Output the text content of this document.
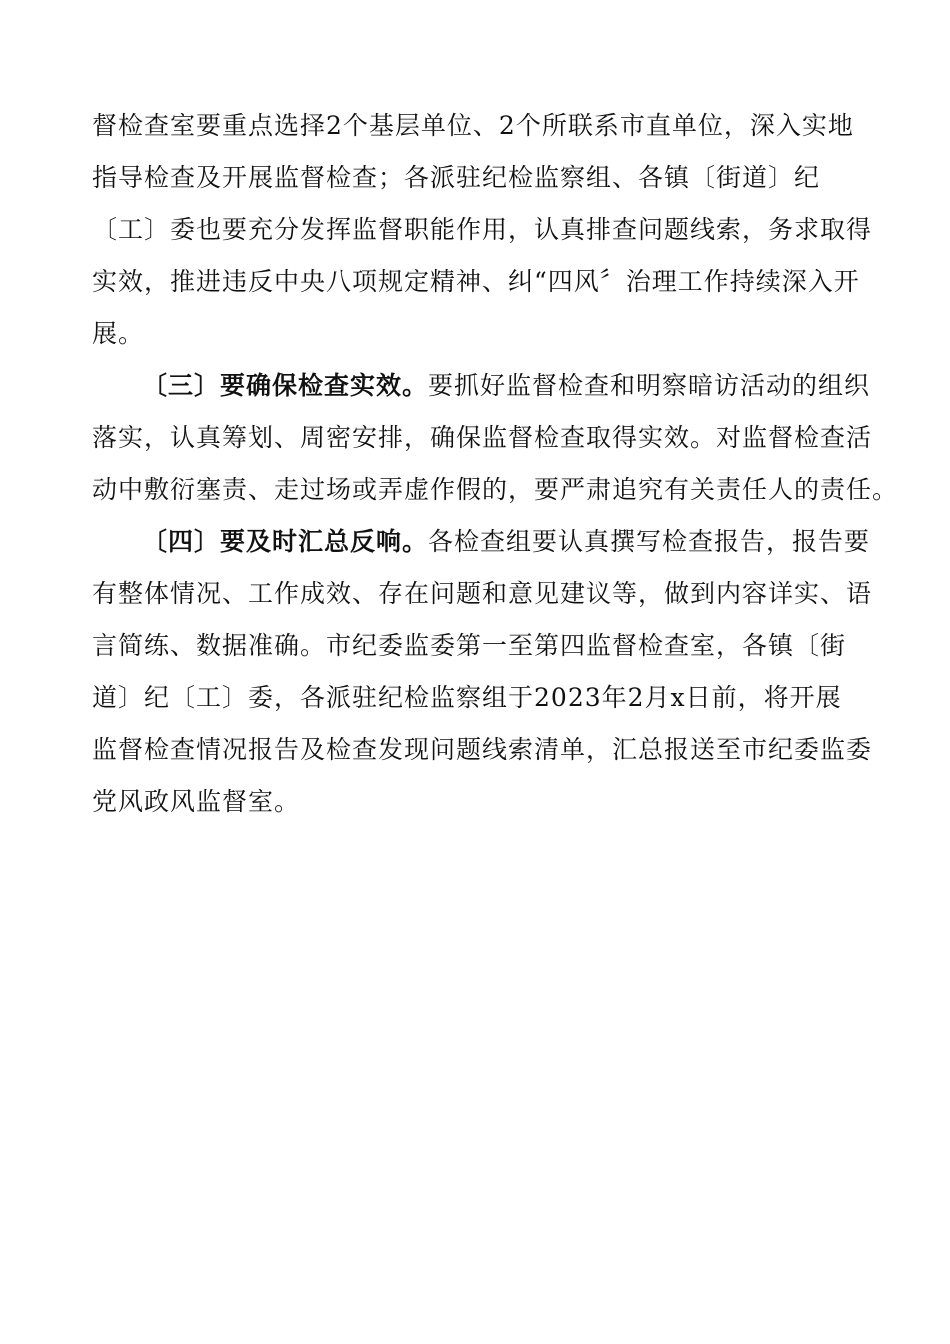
督检查室要重点选择2个基层单位、2个所联系市直单位，深入实地
指导检查及开展监督检查；各派驻纪检监察组、各镇〔街道〕纪
〔工〕委也要充分发挥监督职能作用，认真排查问题线索，务求取得
实效，推进违反中央八项规定精神、纠“四风〞治理工作持续深入开
展。
〔三〕要确保检查实效。要抓好监督检查和明察暗访活动的组织
落实，认真筹划、周密安排，确保监督检查取得实效。对监督检查活
动中敷衍塞责、走过场或弄虚作假的，要严肃追究有关责任人的责任。
〔四〕要及时汇总反响。各检查组要认真撰写检查报告，报告要
有整体情况、工作成效、存在问题和意见建议等，做到内容详实、语
言简练、数据准确。市纪委监委第一至第四监督检查室，各镇〔街
道〕纪〔工〕委，各派驻纪检监察组于2023年2月x日前，将开展
监督检查情况报告及检查发现问题线索清单，汇总报送至市纪委监委
党风政风监督室。
